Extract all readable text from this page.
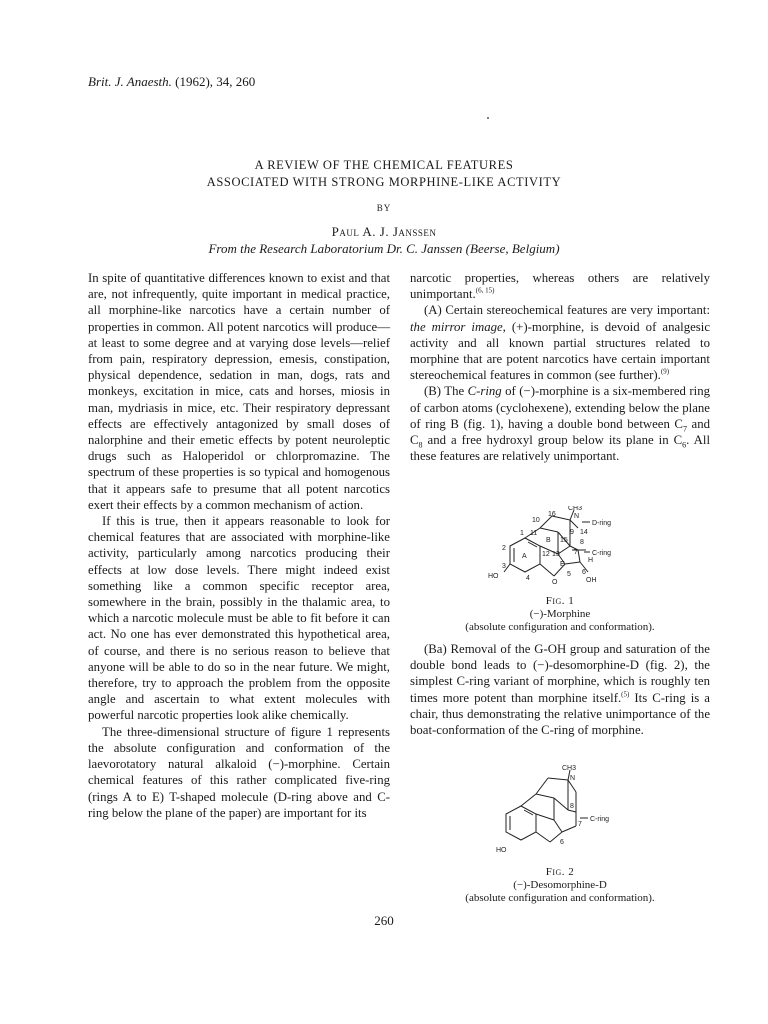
Brit. J. Anaesth. (1962), 34, 260
A REVIEW OF THE CHEMICAL FEATURES
ASSOCIATED WITH STRONG MORPHINE-LIKE ACTIVITY
BY
Paul A. J. Janssen
From the Research Laboratorium Dr. C. Janssen (Beerse, Belgium)

In spite of quantitative differences known to exist and that are, not infrequently, quite important in medical practice, all morphine-like narcotics have a certain number of properties in common. All potent narcotics will produce—at least to some degree and at varying dose levels—relief from pain, respiratory depression, emesis, constipation, physical dependence, sedation in man, dogs, rats and monkeys, excitation in mice, cats and horses, miosis in man, mydriasis in mice, etc. Their respiratory depressant effects are effectively antagonized by small doses of nalorphine and their emetic effects by potent neuroleptic drugs such as Haloperidol or chlorpromazine. The spectrum of these properties is so typical and homogenous that it appears safe to presume that all potent narcotics exert their effects by a common mechanism of action.

If this is true, then it appears reasonable to look for chemical features that are associated with morphine-like activity, particularly among narcotics producing their effects at low dose levels. There might indeed exist something like a common specific receptor area, somewhere in the brain, possibly in the thalamic area, to which a narcotic molecule must be able to fit before it can act. No one has ever demonstrated this hypothetical area, of course, and there is no serious reason to believe that anyone will be able to do so in the near future. We might, therefore, try to approach the problem from the opposite angle and ascertain to what extent molecules with powerful narcotic properties look alike chemically.

The three-dimensional structure of figure 1 represents the absolute configuration and conformation of the laevorotatory natural alkaloid (−)-morphine. Certain chemical features of this rather complicated five-ring (rings A to E) T-shaped molecule (D-ring above and C-ring below the plane of the paper) are important for its

narcotic properties, whereas others are relatively unimportant.$^{(6, 15)}$

(A) Certain stereochemical features are very important: the mirror image, (+)-morphine, is devoid of analgesic activity and all known partial structures related to morphine that are potent narcotics have certain important stereochemical features in common (see further).$^{(9)}$

(B) The C-ring of (−)-morphine is a six-membered ring of carbon atoms (cyclohexene), extending below the plane of ring B (fig. 1), having a double bond between $C_7$ and $C_8$ and a free hydroxyl group below its plane in $C_6$. All these features are relatively unimportant.

CH3
N
D-ring
C-ring
HO
OH
H
O
A
B
E
1
2
3
4
5 6
8
9
10
11
12 13
14
15
16
7
Fig. 1
(−)-Morphine
(absolute configuration and conformation).

(Ba) Removal of the G-OH group and saturation of the double bond leads to (−)-desomorphine-D (fig. 2), the simplest C-ring variant of morphine, which is roughly ten times more potent than morphine itself.$^{(5)}$ Its C-ring is a chair, thus demonstrating the relative unimportance of the boat-conformation of the C-ring of morphine.

CH3
N
C-ring
HO
6
7
8
Fig. 2
(−)-Desomorphine-D
(absolute configuration and conformation).
260
